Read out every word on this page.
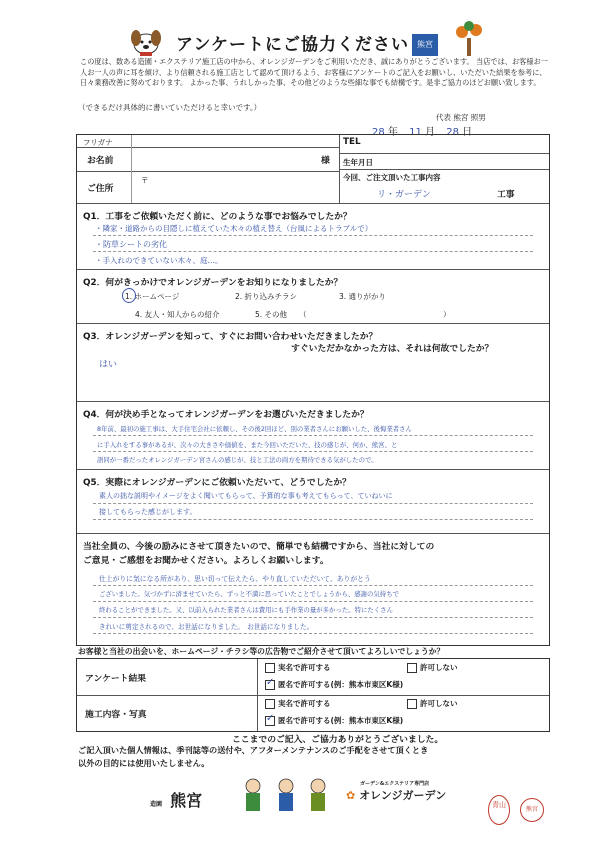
アンケートにご協力ください	熊宮
この度は、数ある造園・エクステリア施工店の中から、オレンジガーデンをご利用いただき、誠にありがとうございます。 当店では、お客様お一人お一人の声に耳を傾け、より信頼される施工店として認めて頂けるよう、お客様にアンケートのご記入をお願いし、いただいた結果を参考に、日々業務改善に努めております。 よかった事、うれしかった事、その他どのような些細な事でも結構です。是非ご協力のほどお願い致します。
代表 熊宮 照男
（できるだけ具体的に書いていただけると幸いです。）
28 年 11 月 28 日
フリガナ
お名前	様
ご住所
〒
TEL
生年月日
今回、ご注文頂いた工事内容
リ・ガーデン	工事
Q1．工事をご依頼いただく前に、どのような事でお悩みでしたか？
・隣家・道路からの目隠しに植えていた木々の植え替え（台風によるトラブルで）
・防草シートの劣化
・手入れのできていない木々、庭…。
Q2．何がきっかけでオレンジガーデンをお知りになりましたか？
1. ホームページ	2. 折り込みチラシ	3. 通りがかり
4. 友人・知人からの紹介	5. その他 （	）
Q3．オレンジガーデンを知って、すぐにお問い合わせいただきましたか？
すぐいただかなかった方は、それは何故でしたか？
はい
Q4．何が決め手となってオレンジガーデンをお選びいただきましたか？
8年前、最初の施工事は、大手住宅会社に依頼し、その後2回ほど、別の業者さんにお願いした、後悔業者さん
に手入れをする事があるが、次々の大きさや価値を、また今回いただいた、技の感じが、何か、熊宮、と
語同が一番だったオレンジガーデン宮さんの感じが、技と工法の両方を期待できる気がしたので。
Q5．実際にオレンジガーデンにご依頼いただいて、どうでしたか？
素人の拙な説明やイメージをよく聞いてもらって、予算的な事も考えてもらって、ていねいに
接してもらった感じがします。
当社全員の、今後の励みにさせて頂きたいので、簡単でも結構ですから、当社に対しての
ご意見・ご感想をお聞かせください。よろしくお願いします。
仕上がりに気になる所があり、思い切って伝えたら、やり直していただいて、ありがとう
ございました。気づかずに済ませていたら、ずっと不満に思っていたことでしょうから、感謝の気持ちで
終わることができました。又、以前入られた業者さんは費用にも手作業の量が多かった。特にたくさん
きれいに剪定されるので、お世話になりました。　お世話になりました。
お客様と当社の出会いを、ホームページ・チラシ等の広告物でご紹介させて頂いてよろしいでしょうか？
アンケート結果
実名で許可する	許可しない
✓ 匿名で許可する(例：熊本市東区K様)
施工内容・写真
実名で許可する	許可しない
✓ 匿名で許可する(例：熊本市東区K様)
ここまでのご記入、ご協力ありがとうございました。
ご記入頂いた個人情報は、季刊誌等の送付や、アフターメンテナンスのご手配をさせて頂くとき
以外の目的には使用いたしません。
造園 熊宮
ガーデン&エクステリア専門店
✿ オレンジガーデン
青山
熊宮
